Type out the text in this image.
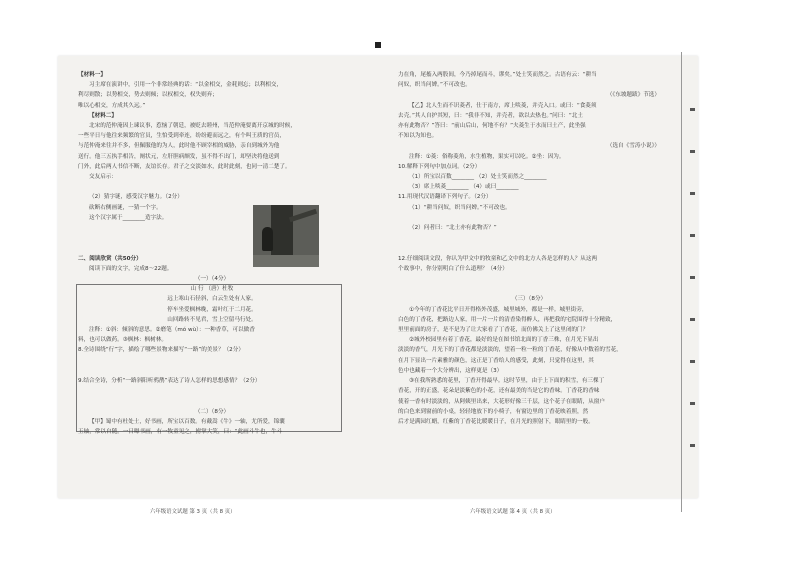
【材料一】
习主席在演讲中，引用一个非常经典的话：“以金相交，金耗则忘；以利相交，
利尽则散；以势相交，势去则倾；以权相交，权失则弃；
唯以心相交，方成其久远。”
【材料二】
北宋的范仲淹因上谏议事，惹恼了朝廷，被贬去睦州，当范仲淹要离开京城的时候，
一些平日与他往来频繁的官员，生怕受到牵连，纷纷避而远之，有个叫王质的官员，
与范仲淹来往并不多，但佩服他的为人，此时他不顾宰相的威胁，亲自到城外为他
送行。他三五执手相告，阐状元，左肝胆病颇发，虽不得不出门，却坚决将他送到
门外，此后两人书信不断，友谊长存。君子之交淡如水，此时此刻，也同一清二楚了。
交友启示：

（2）猜字谜，感受汉字魅力。（2分）
砍断右侧画谜，一猜一个字。
这个汉字属于________造字法。

二、阅读欣赏（共50分）
阅读下面的文字，完成8～22题。
（一）（4分）
山 行 （唐）杜牧
远上寒山石径斜，白云生处有人家。
停车坐爱枫林晚，霜叶红于二月花。
山回路转不见君，雪上空留马行处。
注释：①斜：倾斜的意思。②磨笔（mó wù）：一种香草，可以做香
料，也可以做药。③枫林：枫树林。
8.全诗围绕“行”字，描绘了哪些景物来描写“一路”的美景？（2分）

9.结合全诗，分析“一路斜阳听鸦鹊”表达了诗人怎样的思想感情？（2分）

（二）（8分）
【甲】蜀中有杜处士，好书画，所宝以百数。有戴嵩《牛》一轴，尤所爱，锦囊
玉轴，常以自随。一日曝书画，有一牧童见之，拊掌大笑，曰：“此画斗牛也，牛斗
力在角，尾搐入两股间，今乃掉尾而斗，谬矣。”处士笑而然之。古语有云：“耕当
问奴，织当问婢。”不可改也。
（《东坡题跋》节选）
【乙】北人生而不识菱者，仕于南方，席上啖菱，并壳入口。或曰：“食菱须
去壳。”其人自护其短，曰：“我非不知，并壳者，欲以去热也。”问曰：“北土
亦有此物否？”答曰：“前山后山，何地不有？”夫菱生于水而曰土产，此坐强
不知以为知也。
（选自《雪涛小说》）
注释：①菱：俗称菱角，水生植物，果实可以吃。②坐：因为。
10.解释下列句中加点词。（2分）
（1）所宝以百数________ （2）处士笑而然之________
（3）席上啖菱________ （4）或曰________
11.用现代汉语翻译下列句子。（2分）
（1）“耕当问奴，织当问婢。”不可改也。

（2）问者曰：“北土亦有此物否？”

12.仔细阅读文段，你认为甲文中的牧童和乙文中的北方人各是怎样的人？从这两
个故事中，你分别明白了什么道理？（4分）

（三）（8分）
①今年的丁香花比平日开得格外茂盛，城里城外，都是一样。城里街旁，
白色的丁香花，把路边人家，用一片一片的清香染得醉人，再把我的宅院围得十分精致，
里里前面的房子，是不是为了让大家看了丁香花，而仿佛关上了这里闭的门？
②城外校园里有着丁香花，最好的是在图书馆北面的丁香三株，在月光下显出
淡淡的香气，月光下的丁香花都是淡淡的，望着一粒一粒的丁香花，好像从中数着的雪花，
在月下显出一片素雅的颜色，这正是丁香给人的感受，此刻，只觉得在这里，其
色中也藏着一个大分辨出，这样更是（3）
③在我所熟悉的花里，丁香开得最早。这时节里，由于上下面的积雪，有三棵丁
香花，开的正盛，花朵是淡紫色的小花，还有最美的当是它的香味。丁香花的香味
使着一香有时淡淡的，从阿姨里出来，大花形好像三千层，这个花子在眼睛，从窗户
的白色来到窗前的小桌，轻轻地放下的小椅子，有窗边里的丁香花映着照，然
后才是满园红蜡，红紫的丁香花比暖暖日子，在月光的照射下，眼睛里的一般。
六年级语文试题 第 3 页（共 8 页）	六年级语文试题 第 4 页（共 8 页）
